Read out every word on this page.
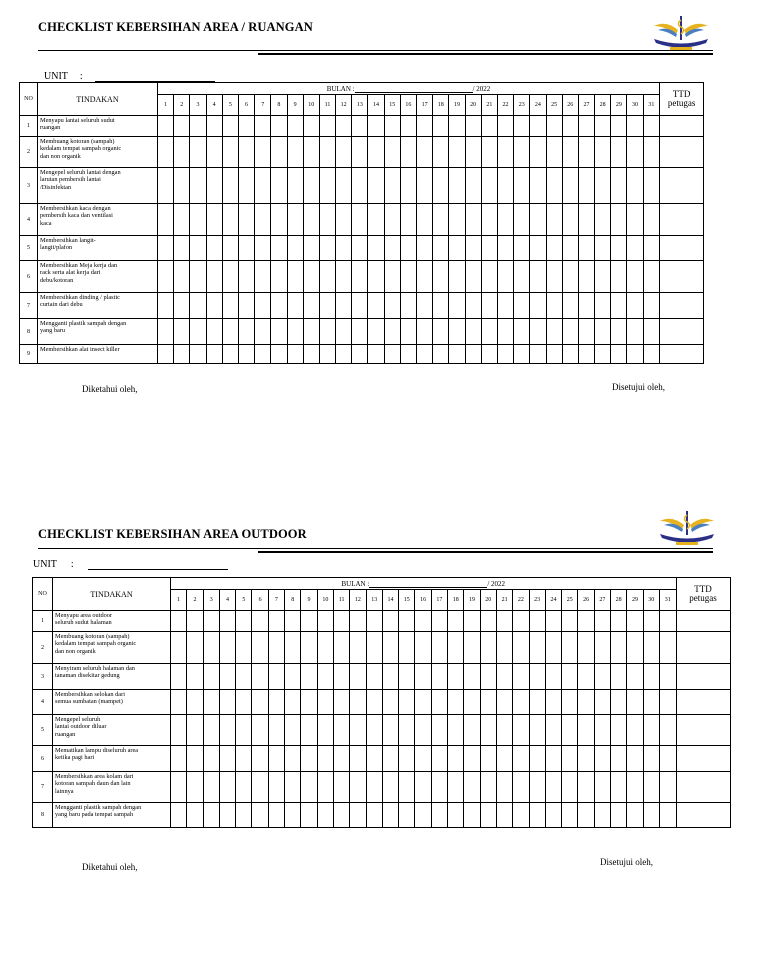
CHECKLIST KEBERSIHAN AREA / RUANGAN
UNIT :
NO	TINDAKAN	BULAN : / 2022																															TTD
petugas
		1	2	3	4	5	6	7	8	9	10	11	12	13	14	15	16	17	18	19	20	21	22	23	24	25	26	27	28	29	30	31	
1	Menyapu lantai seluruh sudut
ruangan																																
2	Membuang kotoran (sampah)
kedalam tempat sampah organic
dan non organik																																
3	Mengepel seluruh lantai dengan
larutan pembersih lantai
/Disinfektan																																
4	Membersihkan kaca dengan
pembersih kaca dan ventilasi
kaca																																
5	Membersihkan langit-
langit/plafon																																
6	Membersihkan Meja kerja dan
rack serta alat kerja dari
debu/kotoran																																
7	Membersihkan dinding / plastic
curtain dari debu																																
8	Mengganti plastik sampah dengan
yang baru																																
9	Membersihkan alat insect killer																																
Diketahui oleh,	Disetujui oleh,
CHECKLIST KEBERSIHAN AREA OUTDOOR
UNIT :
NO	TINDAKAN	BULAN : / 2022																															TTD
petugas
		1	2	3	4	5	6	7	8	9	10	11	12	13	14	15	16	17	18	19	20	21	22	23	24	25	26	27	28	29	30	31	
1	Menyapu area outdoor
seluruh sudut halaman																																
2	Membuang kotoran (sampah)
kedalam tempat sampah organic
dan non organik																																
3	Menyiram seluruh halaman dan
tanaman disekitar gedung																																
4	Membersihkan selokan dari
semua sumbatan (mampet)																																
5	Mengepel seluruh
lantai outdoor diluar
ruangan																																
6	Mematikan lampu diseluruh area
ketika pagi hari																																
7	Membersihkan area kolam dari
kotoran sampah daun dan lain
lainnya																																
8	Mengganti plastik sampah dengan
yang baru pada tempat sampah																																
Diketahui oleh,	Disetujui oleh,
